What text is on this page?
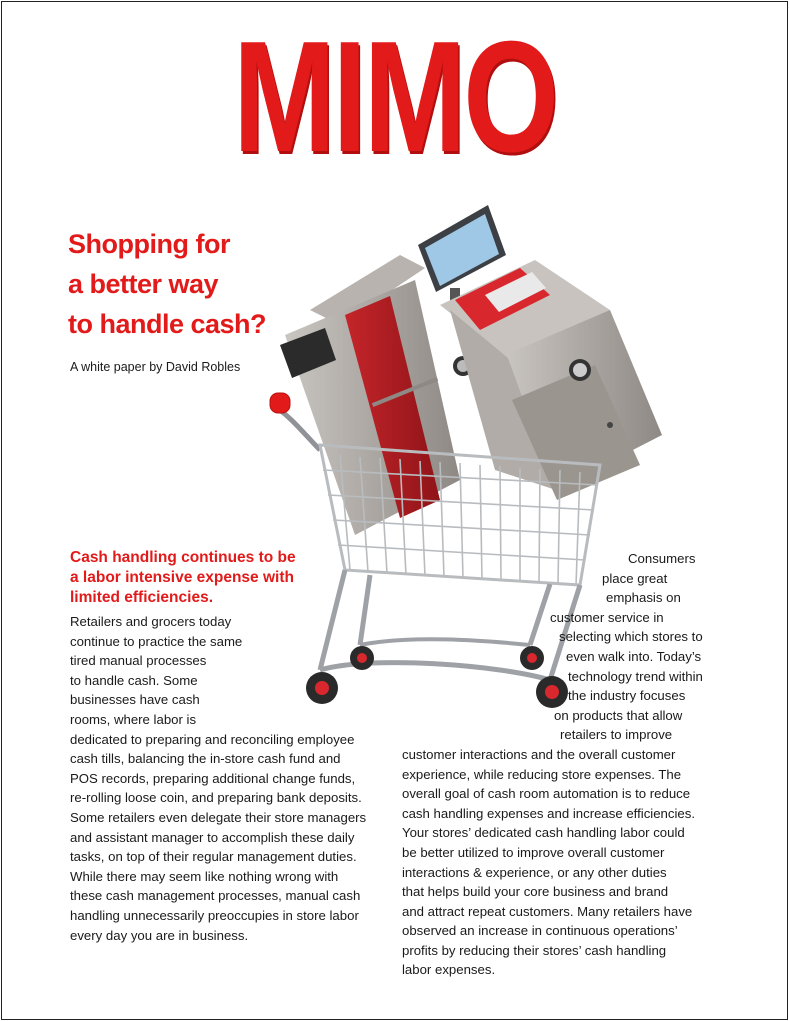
MIMO
Shopping for
a better way
to handle cash?
A white paper by David Robles
Cash handling continues to be
a labor intensive expense with
limited efficiencies.
Retailers and grocers today
continue to practice the same
tired manual processes
to handle cash. Some
businesses have cash
rooms, where labor is
dedicated to preparing and reconciling employee
cash tills, balancing the in-store cash fund and
POS records, preparing additional change funds,
re-rolling loose coin, and preparing bank deposits.
Some retailers even delegate their store managers
and assistant manager to accomplish these daily
tasks, on top of their regular management duties.
While there may seem like nothing wrong with
these cash management processes, manual cash
handling unnecessarily preoccupies in store labor
every day you are in business.
Consumers
place great
emphasis on
customer service in
selecting which stores to
even walk into. Today’s
technology trend within
the industry focuses
on products that allow
retailers to improve
customer interactions and the overall customer
experience, while reducing store expenses. The
overall goal of cash room automation is to reduce
cash handling expenses and increase efficiencies.
Your stores’ dedicated cash handling labor could
be better utilized to improve overall customer
interactions & experience, or any other duties
that helps build your core business and brand
and attract repeat customers. Many retailers have
observed an increase in continuous operations’
profits by reducing their stores’ cash handling
labor expenses.
